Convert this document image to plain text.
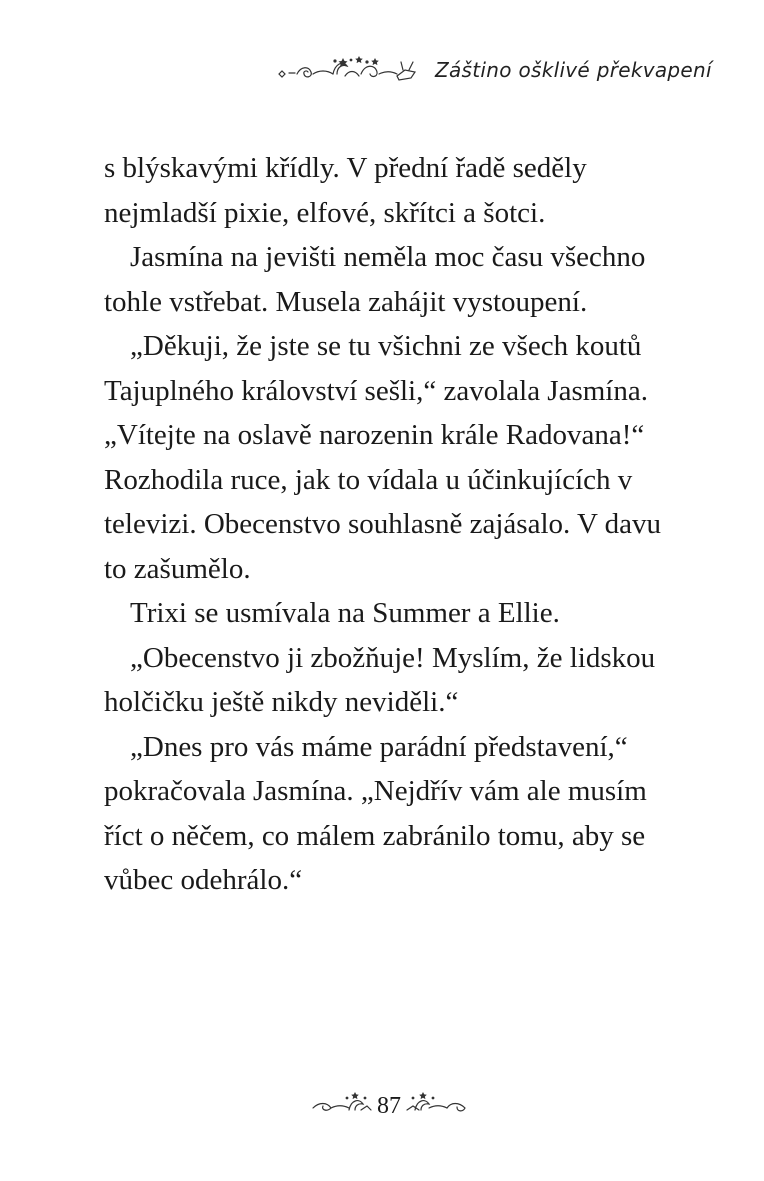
Záštino ošklivé překvapení

s blýskavými křídly. V přední řadě seděly nejmladší pixie, elfové, skřítci a šotci.

Jasmína na jevišti neměla moc času všechno tohle vstřebat. Musela zahájit vystoupení.

„Děkuji, že jste se tu všichni ze všech koutů Tajuplného království sešli,“ zavolala Jasmína. „Vítejte na oslavě narozenin krále Radovana!“ Rozhodila ruce, jak to vídala u účinkujících v televizi. Obecenstvo souhlasně zajásalo. V davu to zašumělo.

Trixi se usmívala na Summer a Ellie.

„Obecenstvo ji zbožňuje! Myslím, že lidskou holčičku ještě nikdy neviděli.“

„Dnes pro vás máme parádní představení,“ pokračovala Jasmína. „Nejdřív vám ale musím říct o něčem, co málem zabránilo tomu, aby se vůbec odehrálo.“

87
